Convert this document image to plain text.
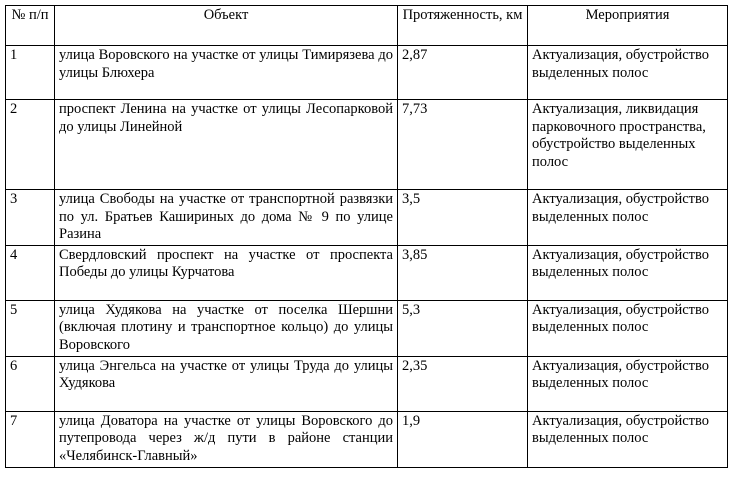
№ п/п	Объект	Протяженность, км	Мероприятия
1	улица Воровского на участке от улицы Тимирязева до улицы Блюхера	2,87	Актуализация, обустройство выделенных полос
2	проспект Ленина на участке от улицы Лесопарковой до улицы Линейной	7,73	Актуализация, ликвидация парковочного пространства, обустройство выделенных полос
3	улица Свободы на участке от транспортной развязки по ул. Братьев Кашириных до дома № 9 по улице Разина	3,5	Актуализация, обустройство выделенных полос
4	Свердловский проспект на участке от проспекта Победы до улицы Курчатова	3,85	Актуализация, обустройство выделенных полос
5	улица Худякова на участке от поселка Шершни (включая плотину и транспортное кольцо) до улицы Воровского	5,3	Актуализация, обустройство выделенных полос
6	улица Энгельса на участке от улицы Труда до улицы Худякова	2,35	Актуализация, обустройство выделенных полос
7	улица Доватора на участке от улицы Воровского до путепровода через ж/д пути в районе станции «Челябинск-Главный»	1,9	Актуализация, обустройство выделенных полос
